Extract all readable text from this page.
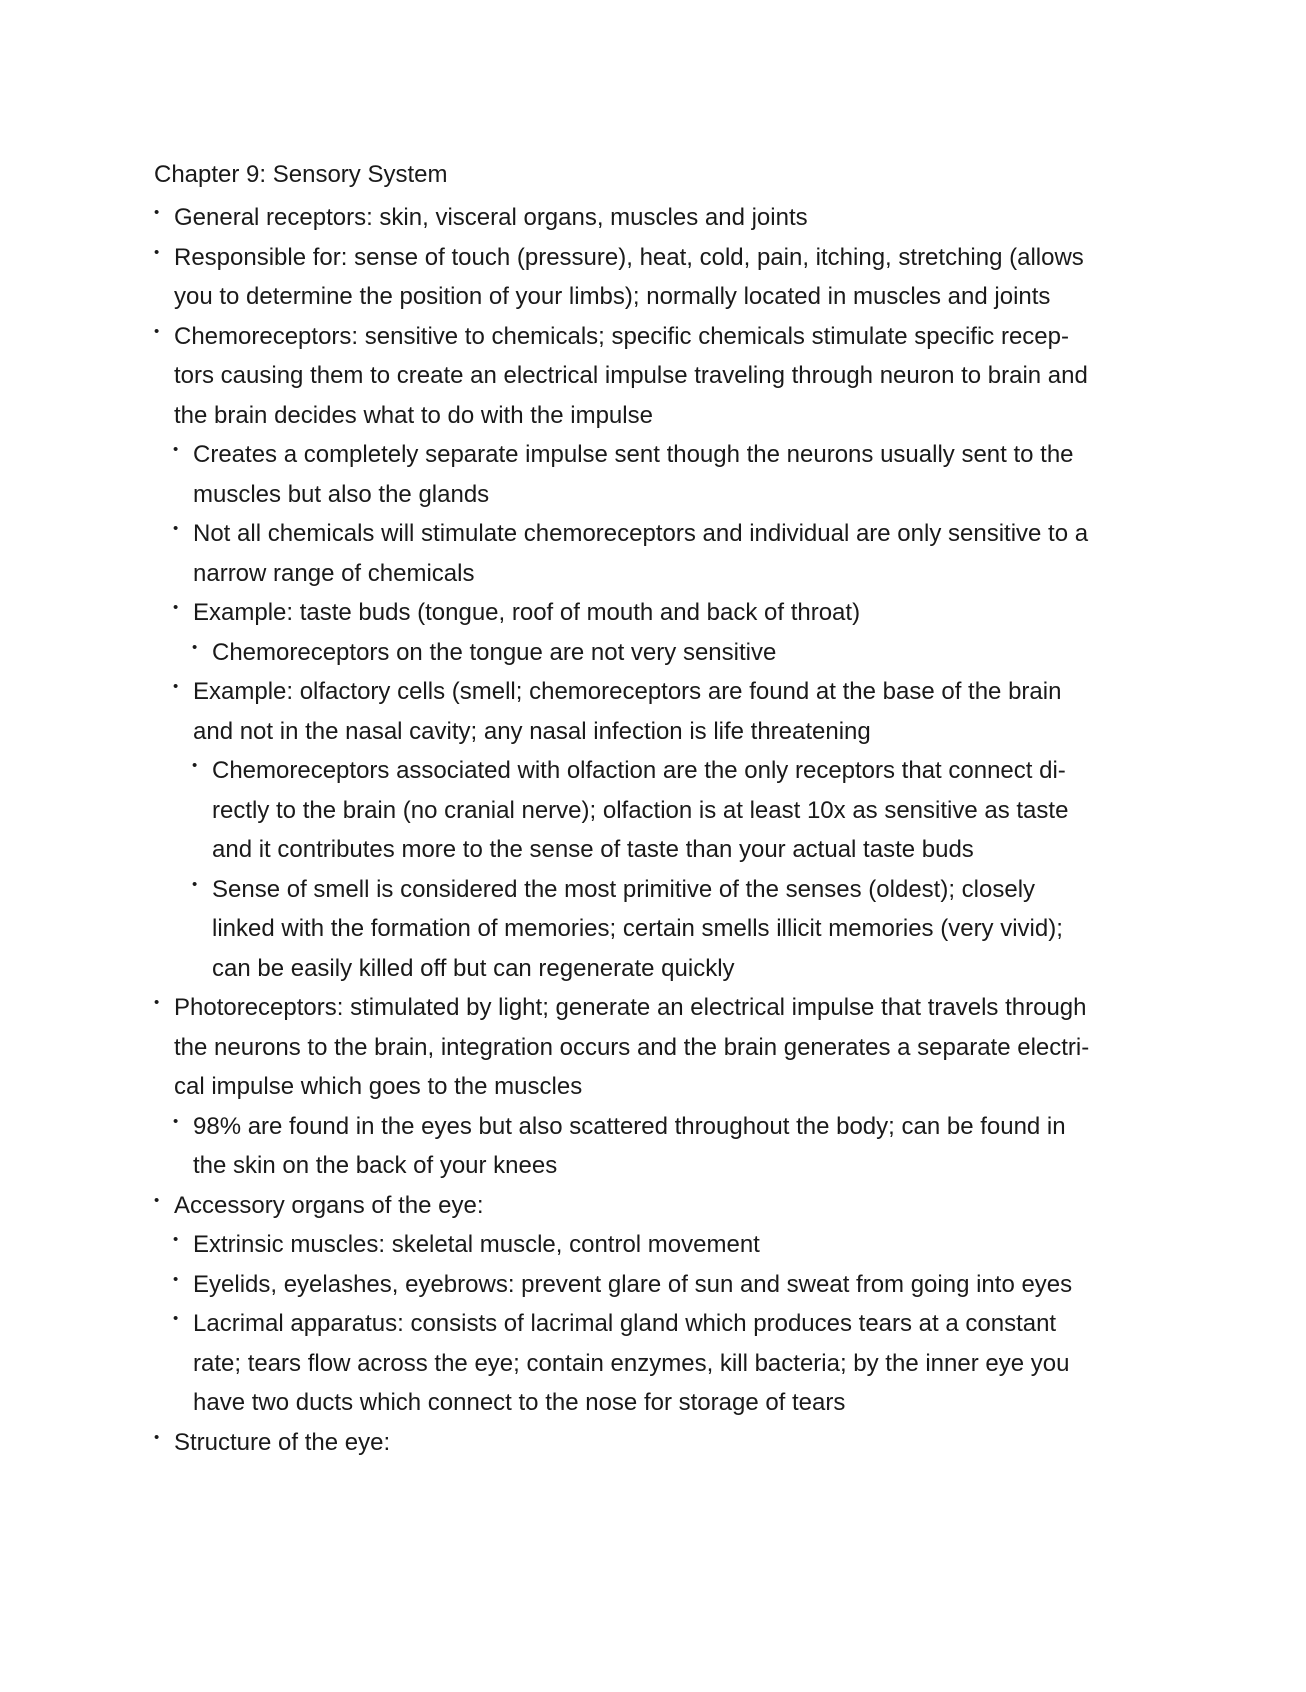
Chapter 9: Sensory System
• General receptors: skin, visceral organs, muscles and joints
• Responsible for: sense of touch (pressure), heat, cold, pain, itching, stretching (allows
you to determine the position of your limbs); normally located in muscles and joints
• Chemoreceptors: sensitive to chemicals; specific chemicals stimulate specific recep-
tors causing them to create an electrical impulse traveling through neuron to brain and
the brain decides what to do with the impulse
• Creates a completely separate impulse sent though the neurons usually sent to the
muscles but also the glands
• Not all chemicals will stimulate chemoreceptors and individual are only sensitive to a
narrow range of chemicals
• Example: taste buds (tongue, roof of mouth and back of throat)
• Chemoreceptors on the tongue are not very sensitive
• Example: olfactory cells (smell; chemoreceptors are found at the base of the brain
and not in the nasal cavity; any nasal infection is life threatening
• Chemoreceptors associated with olfaction are the only receptors that connect di-
rectly to the brain (no cranial nerve); olfaction is at least 10x as sensitive as taste
and it contributes more to the sense of taste than your actual taste buds
• Sense of smell is considered the most primitive of the senses (oldest); closely
linked with the formation of memories; certain smells illicit memories (very vivid);
can be easily killed off but can regenerate quickly
• Photoreceptors: stimulated by light; generate an electrical impulse that travels through
the neurons to the brain, integration occurs and the brain generates a separate electri-
cal impulse which goes to the muscles
• 98% are found in the eyes but also scattered throughout the body; can be found in
the skin on the back of your knees
• Accessory organs of the eye:
• Extrinsic muscles: skeletal muscle, control movement
• Eyelids, eyelashes, eyebrows: prevent glare of sun and sweat from going into eyes
• Lacrimal apparatus: consists of lacrimal gland which produces tears at a constant
rate; tears flow across the eye; contain enzymes, kill bacteria; by the inner eye you
have two ducts which connect to the nose for storage of tears
• Structure of the eye:
